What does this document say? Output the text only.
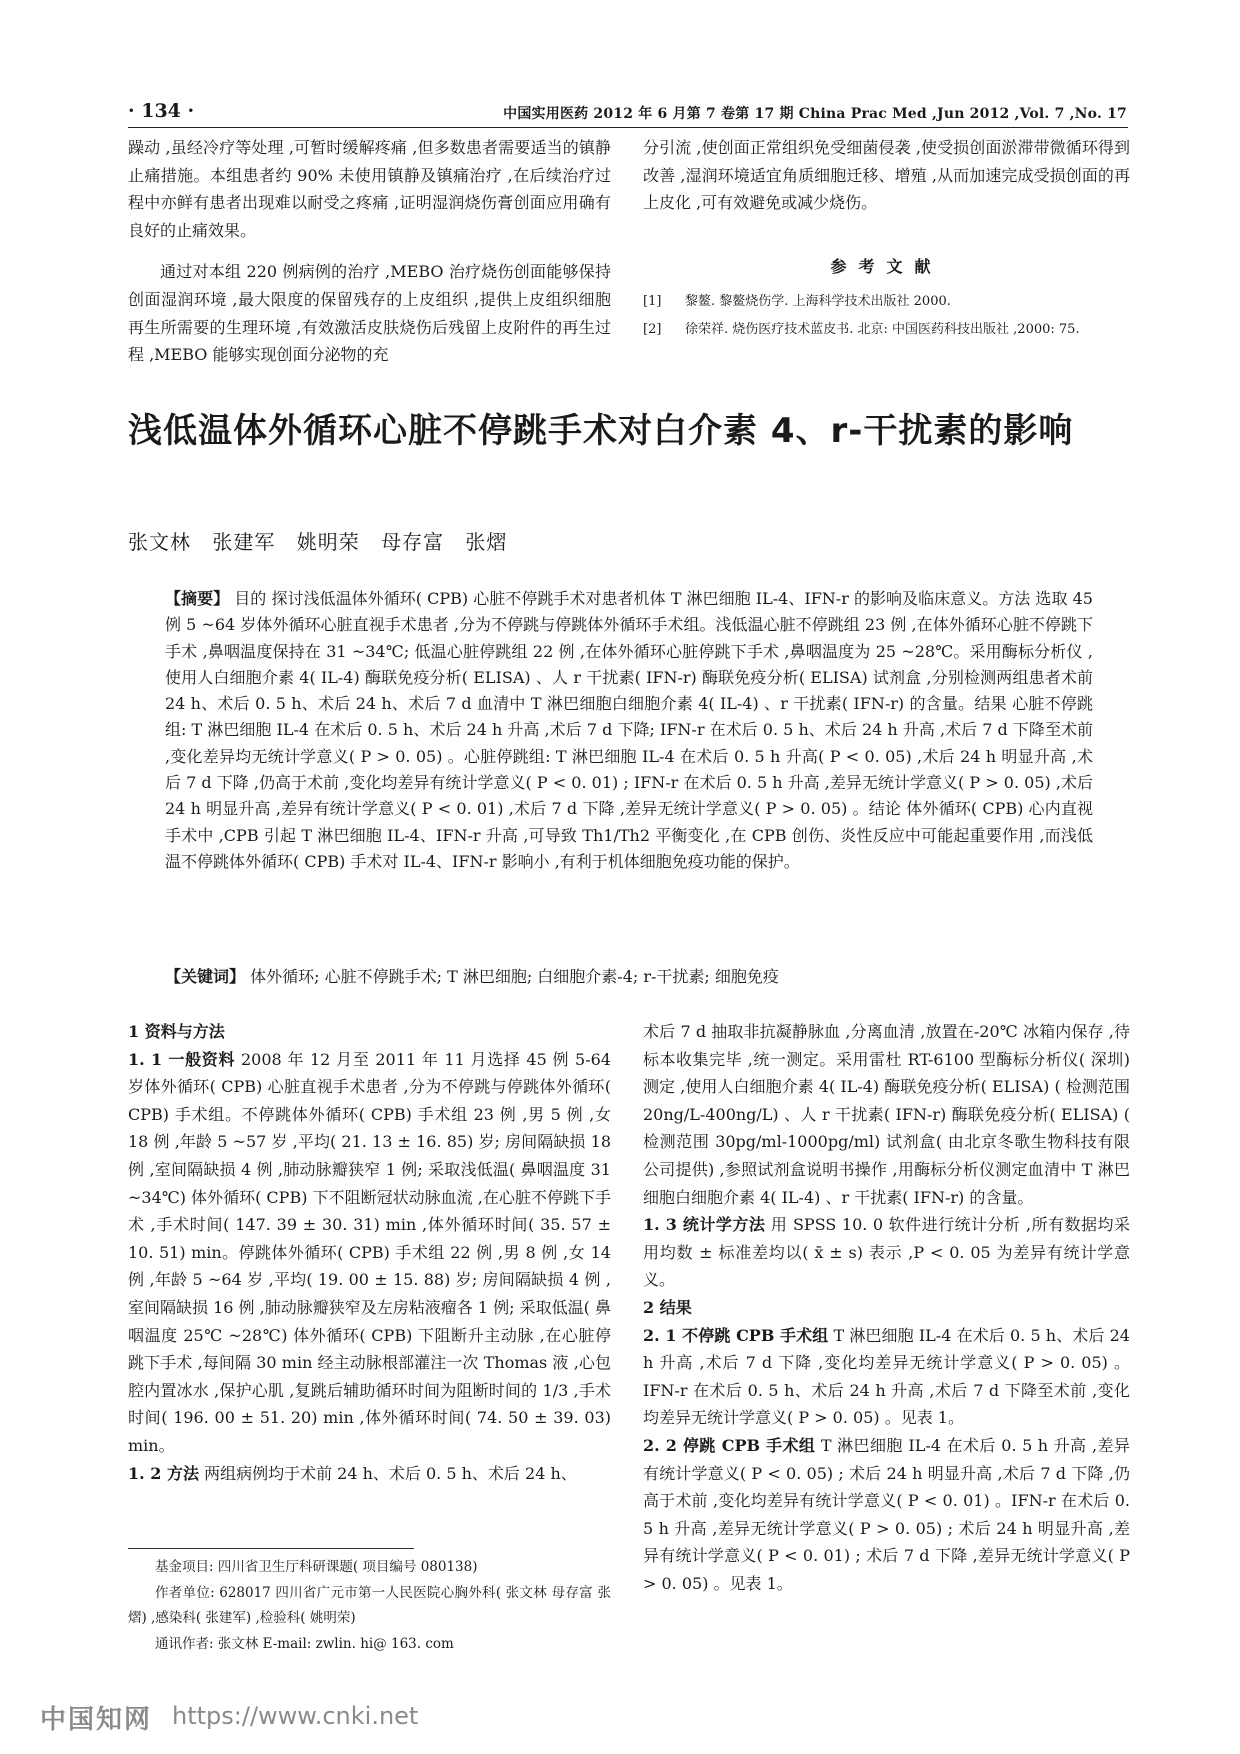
· 134 ·	中国实用医药 2012 年 6 月第 7 卷第 17 期 China Prac Med ,Jun 2012 ,Vol. 7 ,No. 17

躁动 ,虽经冷疗等处理 ,可暂时缓解疼痛 ,但多数患者需要适当的镇静止痛措施。本组患者约 90% 未使用镇静及镇痛治疗 ,在后续治疗过程中亦鲜有患者出现难以耐受之疼痛 ,证明湿润烧伤膏创面应用确有良好的止痛效果。

通过对本组 220 例病例的治疗 ,MEBO 治疗烧伤创面能够保持创面湿润环境 ,最大限度的保留残存的上皮组织 ,提供上皮组织细胞再生所需要的生理环境 ,有效激活皮肤烧伤后残留上皮附件的再生过程 ,MEBO 能够实现创面分泌物的充

分引流 ,使创面正常组织免受细菌侵袭 ,使受损创面淤滞带微循环得到改善 ,湿润环境适宜角质细胞迁移、增殖 ,从而加速完成受损创面的再上皮化 ,可有效避免或减少烧伤。

参考文献
[1]	黎鳌. 黎鳌烧伤学. 上海科学技术出版社 2000.
[2]	徐荣祥. 烧伤医疗技术蓝皮书. 北京: 中国医药科技出版社 ,2000: 75.
浅低温体外循环心脏不停跳手术对白介素 4、r-干扰素的影响
张文林 张建军 姚明荣 母存富 张熠

【摘要】 目的 探讨浅低温体外循环( CPB) 心脏不停跳手术对患者机体 T 淋巴细胞 IL-4、IFN-r 的影响及临床意义。方法 选取 45 例 5 ~64 岁体外循环心脏直视手术患者 ,分为不停跳与停跳体外循环手术组。浅低温心脏不停跳组 23 例 ,在体外循环心脏不停跳下手术 ,鼻咽温度保持在 31 ~34℃; 低温心脏停跳组 22 例 ,在体外循环心脏停跳下手术 ,鼻咽温度为 25 ~28℃。采用酶标分析仪 ,使用人白细胞介素 4( IL-4) 酶联免疫分析( ELISA) 、人 r 干扰素( IFN-r) 酶联免疫分析( ELISA) 试剂盒 ,分别检测两组患者术前 24 h、术后 0. 5 h、术后 24 h、术后 7 d 血清中 T 淋巴细胞白细胞介素 4( IL-4) 、r 干扰素( IFN-r) 的含量。结果 心脏不停跳组: T 淋巴细胞 IL-4 在术后 0. 5 h、术后 24 h 升高 ,术后 7 d 下降; IFN-r 在术后 0. 5 h、术后 24 h 升高 ,术后 7 d 下降至术前 ,变化差异均无统计学意义( P > 0. 05) 。心脏停跳组: T 淋巴细胞 IL-4 在术后 0. 5 h 升高( P < 0. 05) ,术后 24 h 明显升高 ,术后 7 d 下降 ,仍高于术前 ,变化均差异有统计学意义( P < 0. 01) ; IFN-r 在术后 0. 5 h 升高 ,差异无统计学意义( P > 0. 05) ,术后 24 h 明显升高 ,差异有统计学意义( P < 0. 01) ,术后 7 d 下降 ,差异无统计学意义( P > 0. 05) 。结论 体外循环( CPB) 心内直视手术中 ,CPB 引起 T 淋巴细胞 IL-4、IFN-r 升高 ,可导致 Th1/Th2 平衡变化 ,在 CPB 创伤、炎性反应中可能起重要作用 ,而浅低温不停跳体外循环( CPB) 手术对 IL-4、IFN-r 影响小 ,有利于机体细胞免疫功能的保护。

【关键词】 体外循环; 心脏不停跳手术; T 淋巴细胞; 白细胞介素-4; r-干扰素; 细胞免疫

1 资料与方法

1. 1 一般资料 2008 年 12 月至 2011 年 11 月选择 45 例 5-64 岁体外循环( CPB) 心脏直视手术患者 ,分为不停跳与停跳体外循环( CPB) 手术组。不停跳体外循环( CPB) 手术组 23 例 ,男 5 例 ,女 18 例 ,年龄 5 ~57 岁 ,平均( 21. 13 ± 16. 85) 岁; 房间隔缺损 18 例 ,室间隔缺损 4 例 ,肺动脉瓣狭窄 1 例; 采取浅低温( 鼻咽温度 31 ~34℃) 体外循环( CPB) 下不阻断冠状动脉血流 ,在心脏不停跳下手术 ,手术时间( 147. 39 ± 30. 31) min ,体外循环时间( 35. 57 ± 10. 51) min。停跳体外循环( CPB) 手术组 22 例 ,男 8 例 ,女 14 例 ,年龄 5 ~64 岁 ,平均( 19. 00 ± 15. 88) 岁; 房间隔缺损 4 例 ,室间隔缺损 16 例 ,肺动脉瓣狭窄及左房粘液瘤各 1 例; 采取低温( 鼻咽温度 25℃ ~28℃) 体外循环( CPB) 下阻断升主动脉 ,在心脏停跳下手术 ,每间隔 30 min 经主动脉根部灌注一次 Thomas 液 ,心包腔内置冰水 ,保护心肌 ,复跳后辅助循环时间为阻断时间的 1/3 ,手术时间( 196. 00 ± 51. 20) min ,体外循环时间( 74. 50 ± 39. 03) min。

1. 2 方法 两组病例均于术前 24 h、术后 0. 5 h、术后 24 h、

术后 7 d 抽取非抗凝静脉血 ,分离血清 ,放置在-20℃ 冰箱内保存 ,待标本收集完毕 ,统一测定。采用雷杜 RT-6100 型酶标分析仪( 深圳) 测定 ,使用人白细胞介素 4( IL-4) 酶联免疫分析( ELISA) ( 检测范围 20ng/L-400ng/L) 、人 r 干扰素( IFN-r) 酶联免疫分析( ELISA) ( 检测范围 30pg/ml-1000pg/ml) 试剂盒( 由北京冬歌生物科技有限公司提供) ,参照试剂盒说明书操作 ,用酶标分析仪测定血清中 T 淋巴细胞白细胞介素 4( IL-4) 、r 干扰素( IFN-r) 的含量。

1. 3 统计学方法 用 SPSS 10. 0 软件进行统计分析 ,所有数据均采用均数 ± 标准差均以( x̄ ± s) 表示 ,P < 0. 05 为差异有统计学意义。

2 结果

2. 1 不停跳 CPB 手术组 T 淋巴细胞 IL-4 在术后 0. 5 h、术后 24 h 升高 ,术后 7 d 下降 ,变化均差异无统计学意义( P > 0. 05) 。IFN-r 在术后 0. 5 h、术后 24 h 升高 ,术后 7 d 下降至术前 ,变化均差异无统计学意义( P > 0. 05) 。见表 1。

2. 2 停跳 CPB 手术组 T 淋巴细胞 IL-4 在术后 0. 5 h 升高 ,差异有统计学意义( P < 0. 05) ; 术后 24 h 明显升高 ,术后 7 d 下降 ,仍高于术前 ,变化均差异有统计学意义( P < 0. 01) 。IFN-r 在术后 0. 5 h 升高 ,差异无统计学意义( P > 0. 05) ; 术后 24 h 明显升高 ,差异有统计学意义( P < 0. 01) ; 术后 7 d 下降 ,差异无统计学意义( P > 0. 05) 。见表 1。

基金项目: 四川省卫生厅科研课题( 项目编号 080138)

作者单位: 628017 四川省广元市第一人民医院心胸外科( 张文林 母存富 张熠) ,感染科( 张建军) ,检验科( 姚明荣)

通讯作者: 张文林 E-mail: zwlin. hi@ 163. com

中国知网 https://www.cnki.net
